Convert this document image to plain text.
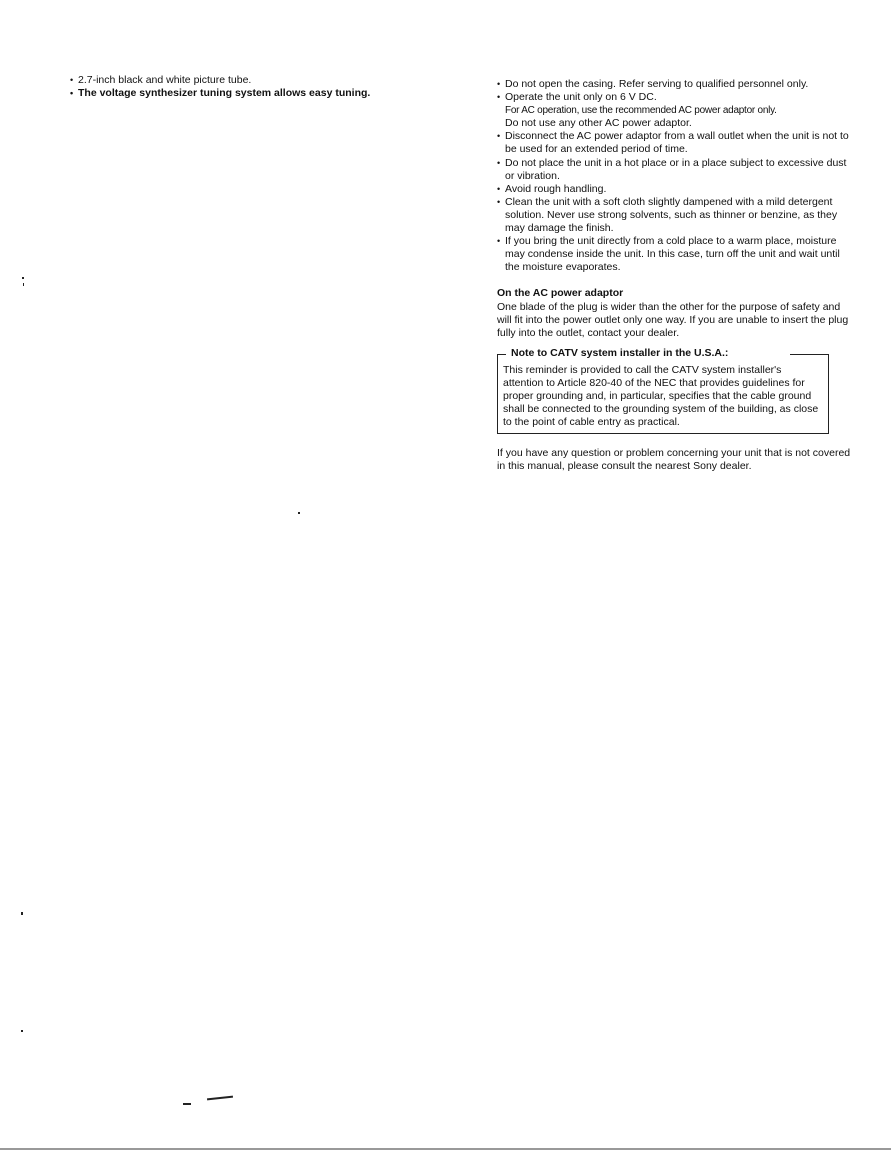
• 2.7-inch black and white picture tube.

• The voltage synthesizer tuning system allows easy tuning.

• Do not open the casing. Refer serving to qualified personnel only.

• Operate the unit only on 6 V DC.

For AC operation, use the recommended AC power adaptor only.

Do not use any other AC power adaptor.

• Disconnect the AC power adaptor from a wall outlet when the unit is not to be used for an extended period of time.

• Do not place the unit in a hot place or in a place subject to excessive dust or vibration.

• Avoid rough handling.

• Clean the unit with a soft cloth slightly dampened with a mild detergent solution. Never use strong solvents, such as thinner or benzine, as they may damage the finish.

• If you bring the unit directly from a cold place to a warm place, moisture may condense inside the unit. In this case, turn off the unit and wait until the moisture evaporates.

On the AC power adaptor

One blade of the plug is wider than the other for the purpose of safety and will fit into the power outlet only one way. If you are unable to insert the plug fully into the outlet, contact your dealer.

Note to CATV system installer in the U.S.A.:

This reminder is provided to call the CATV system installer's attention to Article 820-40 of the NEC that provides guidelines for proper grounding and, in particular, specifies that the cable ground shall be connected to the grounding system of the building, as close to the point of cable entry as practical.

If you have any question or problem concerning your unit that is not covered in this manual, please consult the nearest Sony dealer.
